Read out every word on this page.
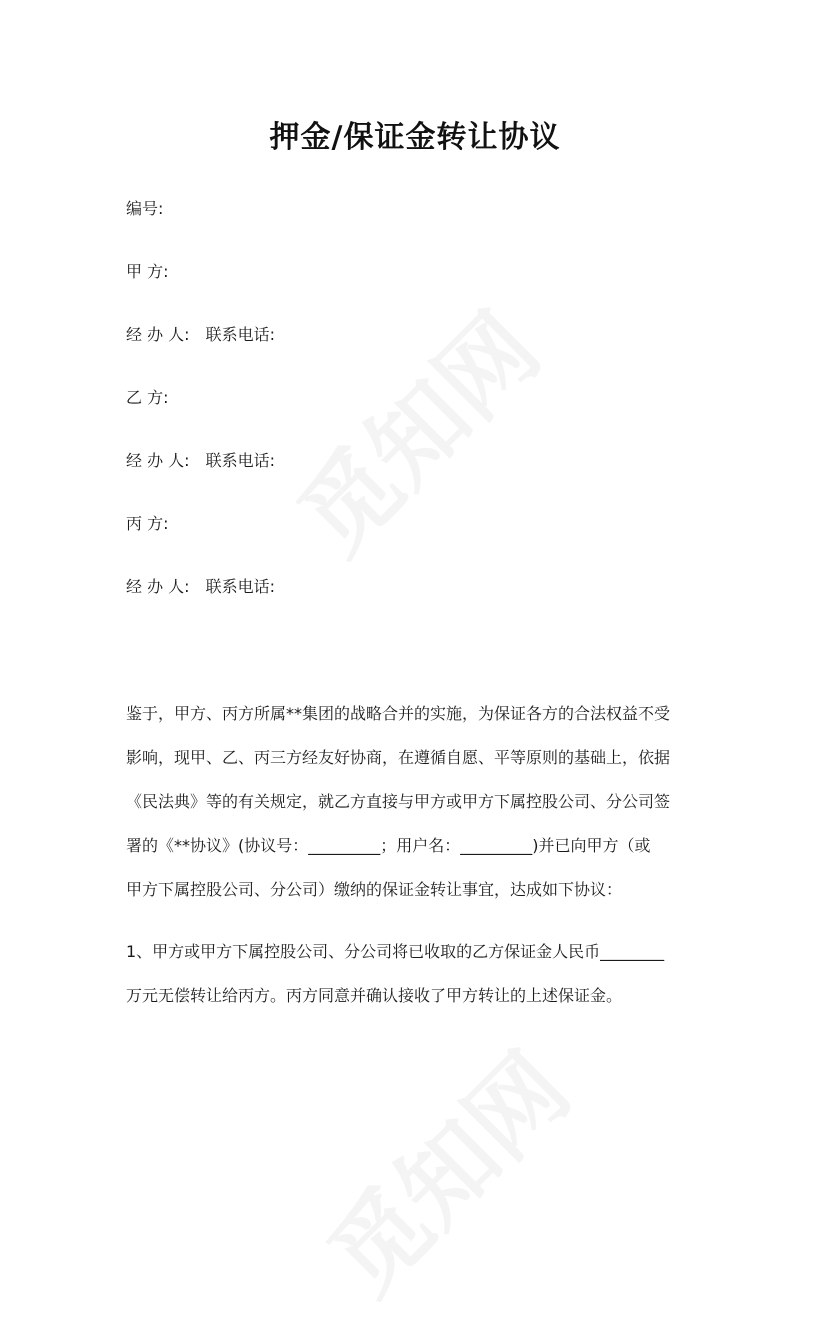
押金/保证金转让协议
编号:
甲 方:
经 办 人: 联系电话:
乙 方:
经 办 人: 联系电话:
丙 方:
经 办 人: 联系电话:
鉴于，甲方、丙方所属**集团的战略合并的实施，为保证各方的合法权益不受
影响，现甲、乙、丙三方经友好协商，在遵循自愿、平等原则的基础上，依据
《民法典》等的有关规定，就乙方直接与甲方或甲方下属控股公司、分公司签
署的《**协议》(协议号：_________；用户名：_________)并已向甲方（或
甲方下属控股公司、分公司）缴纳的保证金转让事宜，达成如下协议：
1、甲方或甲方下属控股公司、分公司将已收取的乙方保证金人民币________
万元无偿转让给丙方。丙方同意并确认接收了甲方转让的上述保证金。
